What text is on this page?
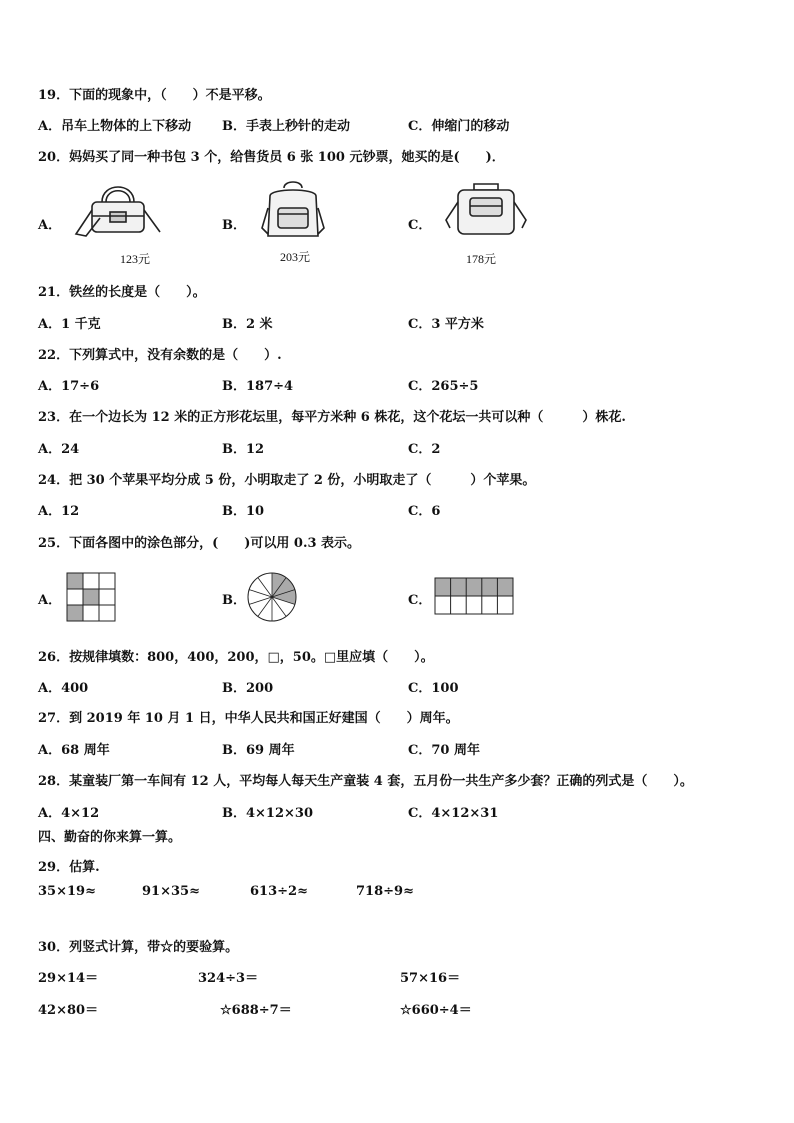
19．下面的现象中，（　　）不是平移。
A．吊车上物体的上下移动 B．手表上秒针的走动	C．伸缩门的移动
20．妈妈买了同一种书包 3 个，给售货员 6 张 100 元钞票，她买的是(　　)．
A．	B．	C．
123元	203元	178元
21．铁丝的长度是（　　）。
A．1 千克	B．2 米	C．3 平方米
22．下列算式中，没有余数的是（　　）.
A．17÷6	B．187÷4	C．265÷5
23．在一个边长为 12 米的正方形花坛里，每平方米种 6 株花，这个花坛一共可以种（　　　）株花.
A．24	B．12	C．2
24．把 30 个苹果平均分成 5 份，小明取走了 2 份，小明取走了（　　　）个苹果。
A．12	B．10	C．6
25．下面各图中的涂色部分，(　　)可以用 0.3 表示。
A．	B．	C．
26．按规律填数：800，400，200，□，50。□里应填（　　）。
A．400	B．200	C．100
27．到 2019 年 10 月 1 日，中华人民共和国正好建国（　　）周年。
A．68 周年	B．69 周年	C．70 周年
28．某童装厂第一车间有 12 人，平均每人每天生产童装 4 套，五月份一共生产多少套？正确的列式是（　　）。
A．4×12	B．4×12×30	C．4×12×31
四、勤奋的你来算一算。
29．估算.
35×19≈	91×35≈	613÷2≈	718÷9≈
30．列竖式计算，带☆的要验算。
29×14＝	324÷3＝	57×16＝
42×80＝	☆688÷7＝	☆660÷4＝
